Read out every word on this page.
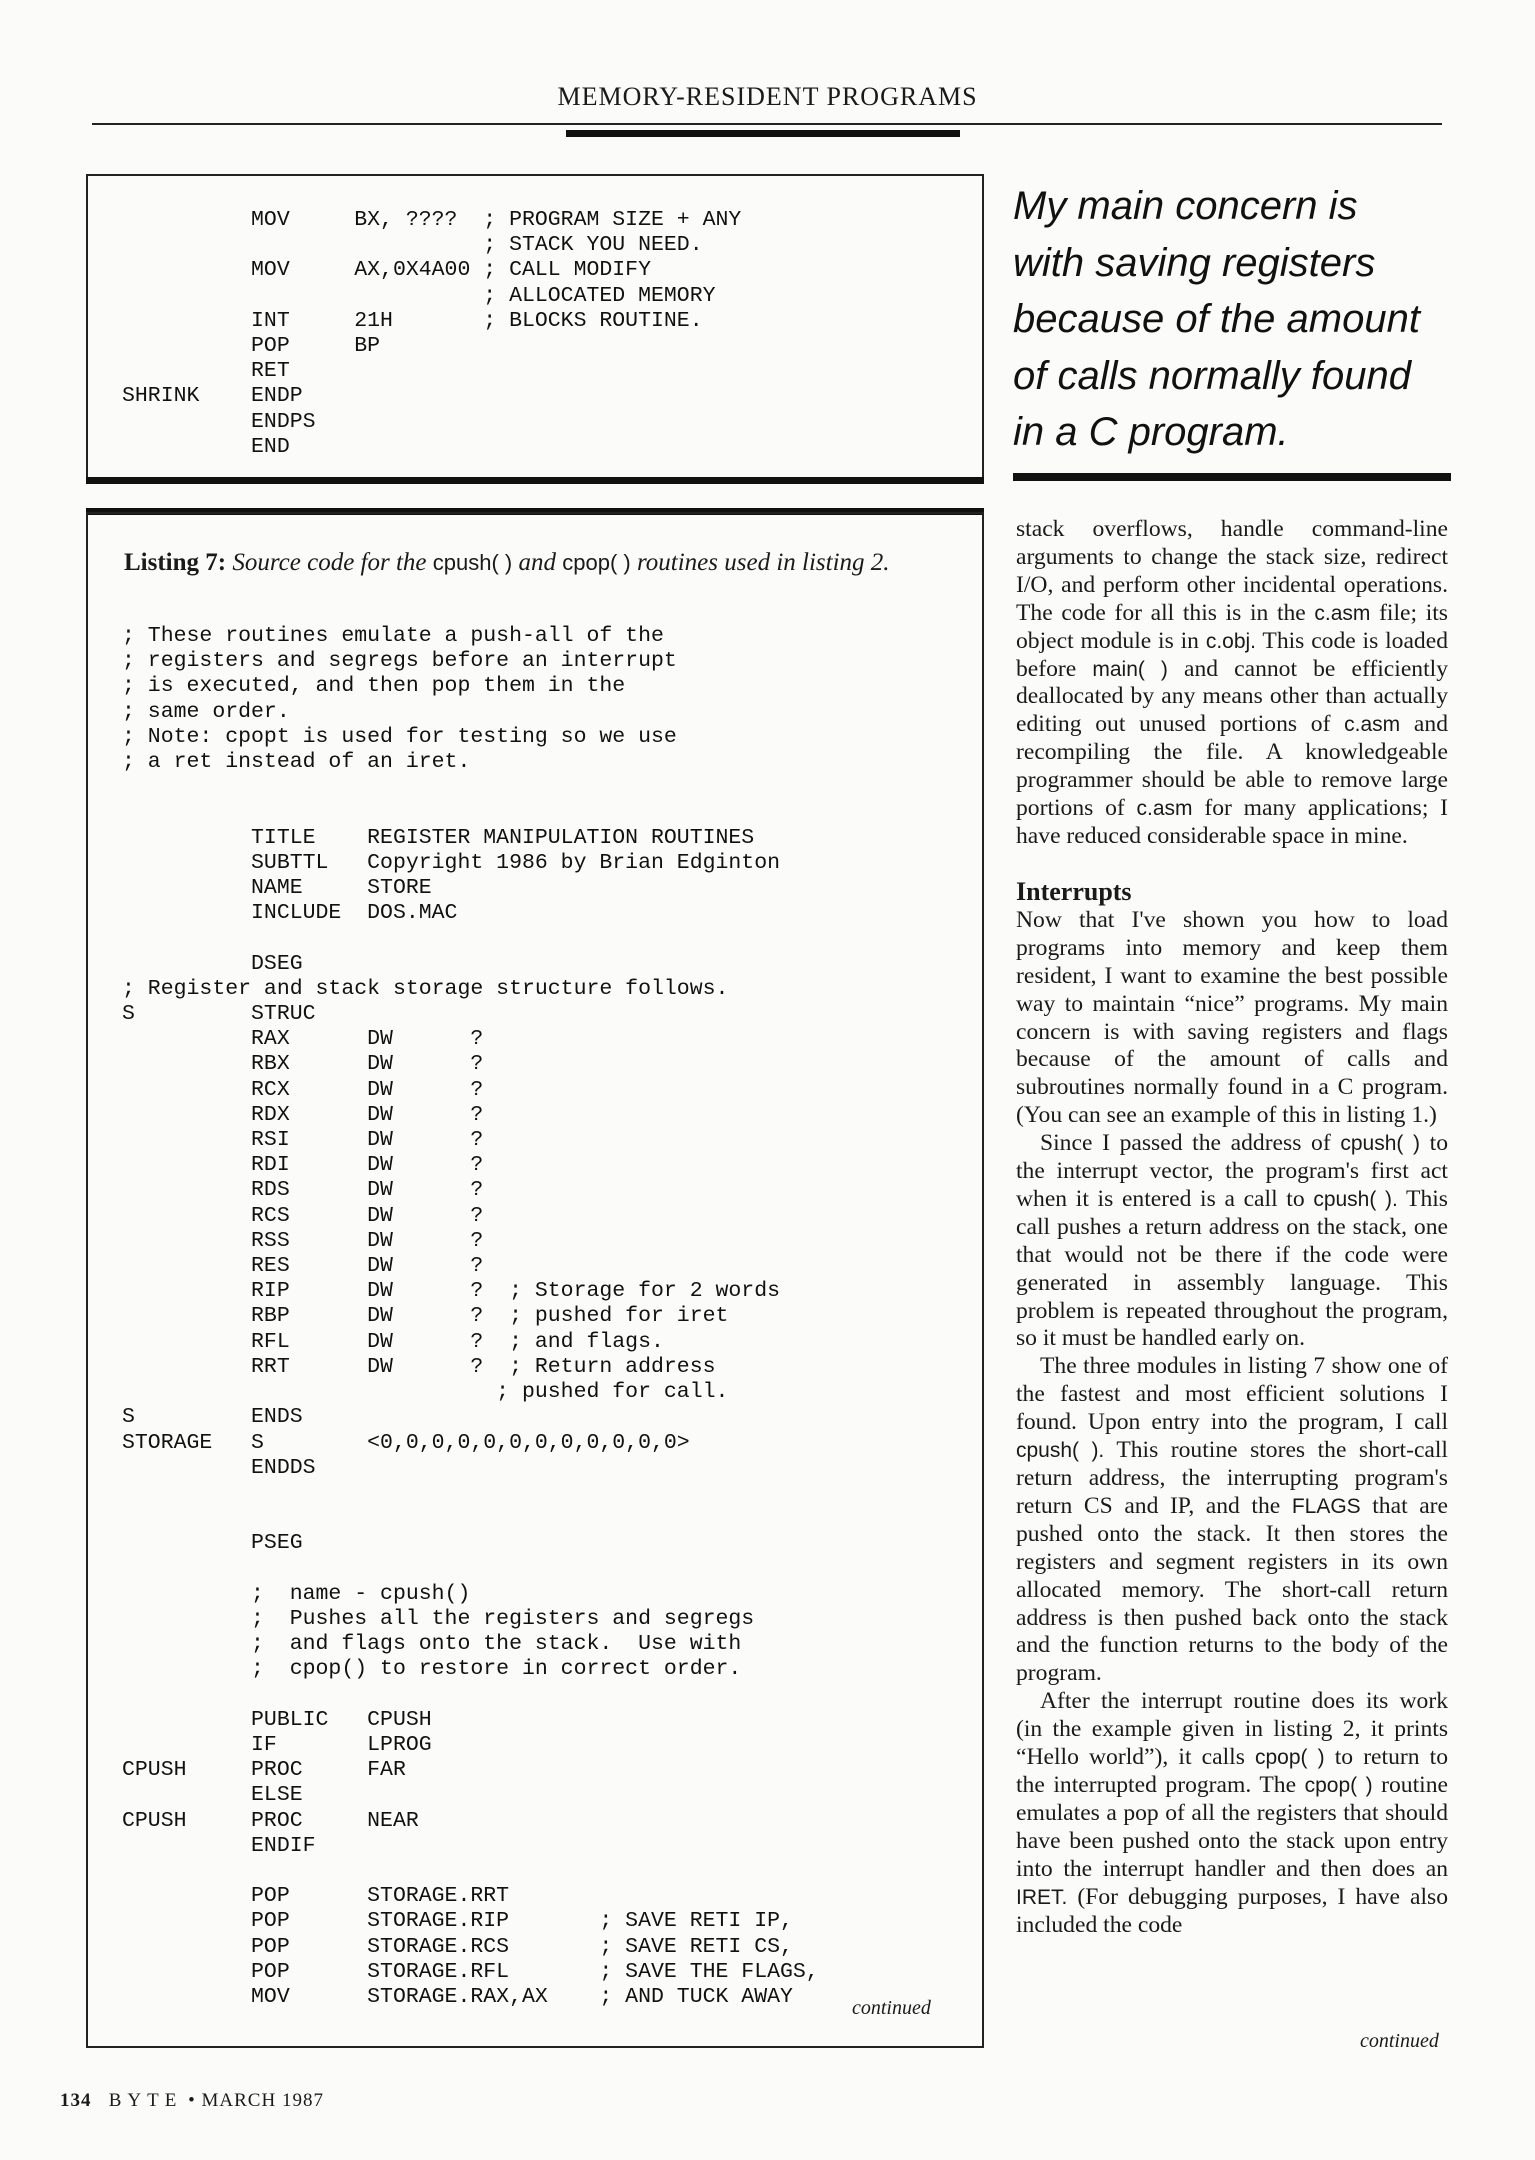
MEMORY-RESIDENT PROGRAMS
MOV     BX, ????  ; PROGRAM SIZE + ANY
; STACK YOU NEED.
MOV     AX,0X4A00 ; CALL MODIFY
; ALLOCATED MEMORY
INT     21H       ; BLOCKS ROUTINE.
POP     BP
RET
SHRINK    ENDP
ENDPS
END
My main concern is
with saving registers
because of the amount
of calls normally found
in a C program.
Listing 7: Source code for the cpush( ) and cpop( ) routines used in listing 2.
; These routines emulate a push-all of the
; registers and segregs before an interrupt
; is executed, and then pop them in the
; same order.
; Note: cpopt is used for testing so we use
; a ret instead of an iret.

TITLE    REGISTER MANIPULATION ROUTINES
SUBTTL   Copyright 1986 by Brian Edginton
NAME     STORE
INCLUDE  DOS.MAC

DSEG
; Register and stack storage structure follows.
S         STRUC
RAX      DW      ?
RBX      DW      ?
RCX      DW      ?
RDX      DW      ?
RSI      DW      ?
RDI      DW      ?
RDS      DW      ?
RCS      DW      ?
RSS      DW      ?
RES      DW      ?
RIP      DW      ?  ; Storage for 2 words
RBP      DW      ?  ; pushed for iret
RFL      DW      ?  ; and flags.
RRT      DW      ?  ; Return address
; pushed for call.
S         ENDS
STORAGE   S        <0,0,0,0,0,0,0,0,0,0,0,0>
ENDDS

PSEG

;  name - cpush()
;  Pushes all the registers and segregs
;  and flags onto the stack.  Use with
;  cpop() to restore in correct order.

PUBLIC   CPUSH
IF       LPROG
CPUSH     PROC     FAR
ELSE
CPUSH     PROC     NEAR
ENDIF

POP      STORAGE.RRT
POP      STORAGE.RIP       ; SAVE RETI IP,
POP      STORAGE.RCS       ; SAVE RETI CS,
POP      STORAGE.RFL       ; SAVE THE FLAGS,
MOV      STORAGE.RAX,AX    ; AND TUCK AWAY	continued

stack overflows, handle command-line arguments to change the stack size, redirect I/O, and perform other incidental operations. The code for all this is in the c.asm file; its object module is in c.obj. This code is loaded before main( ) and cannot be efficiently deallocated by any means other than actually editing out unused portions of c.asm and recompiling the file. A knowledgeable programmer should be able to remove large portions of c.asm for many applications; I have reduced considerable space in mine.

Interrupts

Now that I've shown you how to load programs into memory and keep them resident, I want to examine the best possible way to maintain “nice” programs. My main concern is with saving registers and flags because of the amount of calls and subroutines normally found in a C program. (You can see an example of this in listing 1.)

Since I passed the address of cpush( ) to the interrupt vector, the program's first act when it is entered is a call to cpush( ). This call pushes a return address on the stack, one that would not be there if the code were generated in assembly language. This problem is repeated throughout the program, so it must be handled early on.

The three modules in listing 7 show one of the fastest and most efficient solutions I found. Upon entry into the program, I call cpush( ). This routine stores the short-call return address, the interrupting program's return CS and IP, and the FLAGS that are pushed onto the stack. It then stores the registers and segment registers in its own allocated memory. The short-call return address is then pushed back onto the stack and the function returns to the body of the program.

After the interrupt routine does its work (in the example given in listing 2, it prints “Hello world”), it calls cpop( ) to return to the interrupted program. The cpop( ) routine emulates a pop of all the registers that should have been pushed onto the stack upon entry into the interrupt handler and then does an IRET. (For debugging purposes, I have also included the code

continued
134 BYTE • MARCH 1987
